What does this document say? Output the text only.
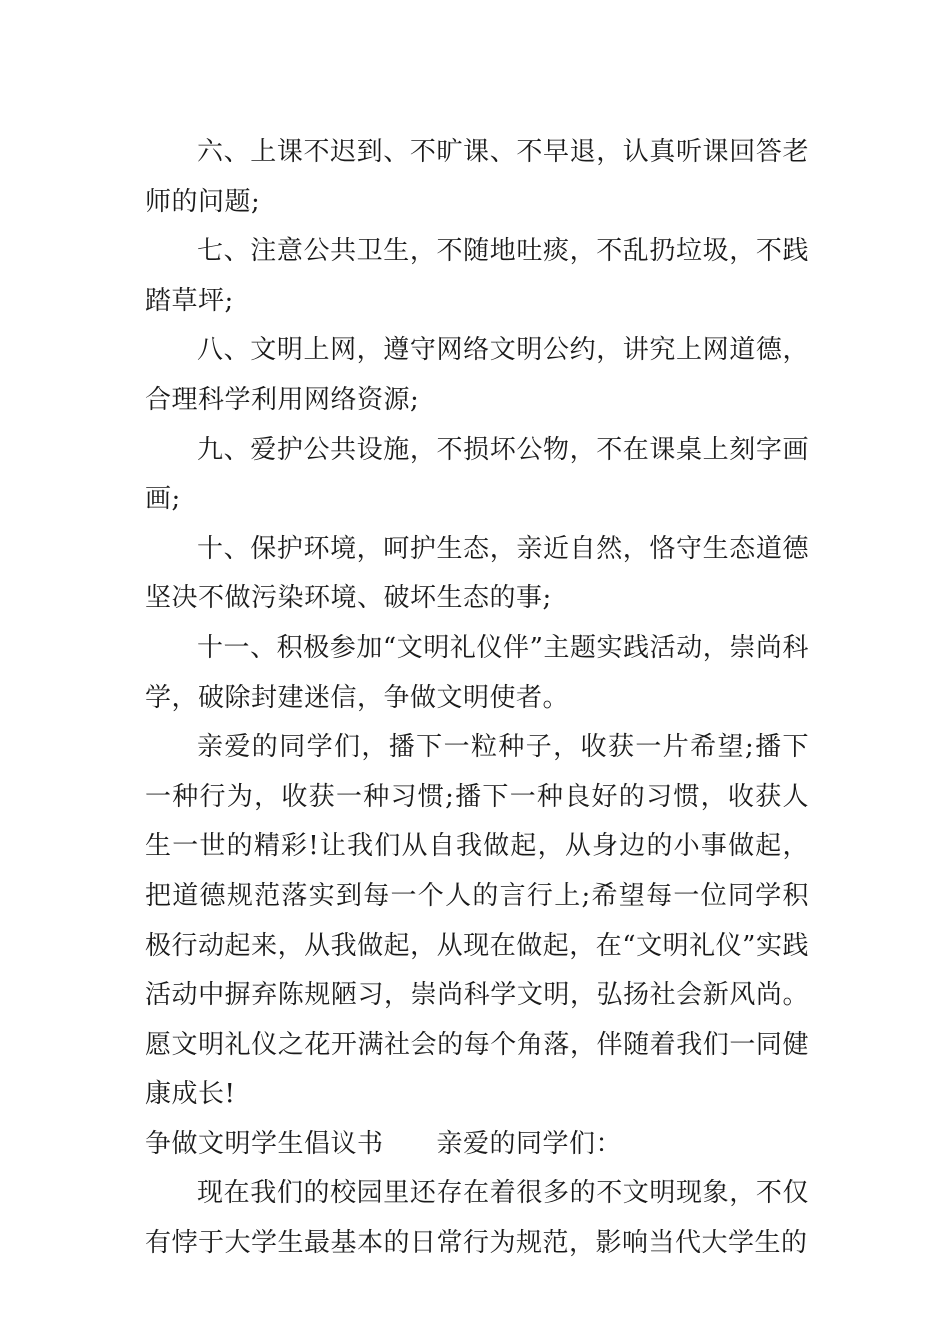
六、上课不迟到、不旷课、不早退，认真听课回答老师的问题;

七、注意公共卫生，不随地吐痰，不乱扔垃圾，不践踏草坪;

八、文明上网，遵守网络文明公约，讲究上网道德，合理科学利用网络资源;

九、爱护公共设施，不损坏公物，不在课桌上刻字画画;

十、保护环境，呵护生态，亲近自然，恪守生态道德坚决不做污染环境、破坏生态的事;

十一、积极参加“文明礼仪伴”主题实践活动，崇尚科学，破除封建迷信，争做文明使者。

亲爱的同学们，播下一粒种子，收获一片希望;播下一种行为，收获一种习惯;播下一种良好的习惯，收获人生一世的精彩!让我们从自我做起，从身边的小事做起，把道德规范落实到每一个人的言行上;希望每一位同学积极行动起来，从我做起，从现在做起，在“文明礼仪”实践活动中摒弃陈规陋习，崇尚科学文明，弘扬社会新风尚。愿文明礼仪之花开满社会的每个角落，伴随着我们一同健康成长!

争做文明学生倡议书　　亲爱的同学们：

现在我们的校园里还存在着很多的不文明现象，不仅有悖于大学生最基本的日常行为规范，影响当代大学生的
